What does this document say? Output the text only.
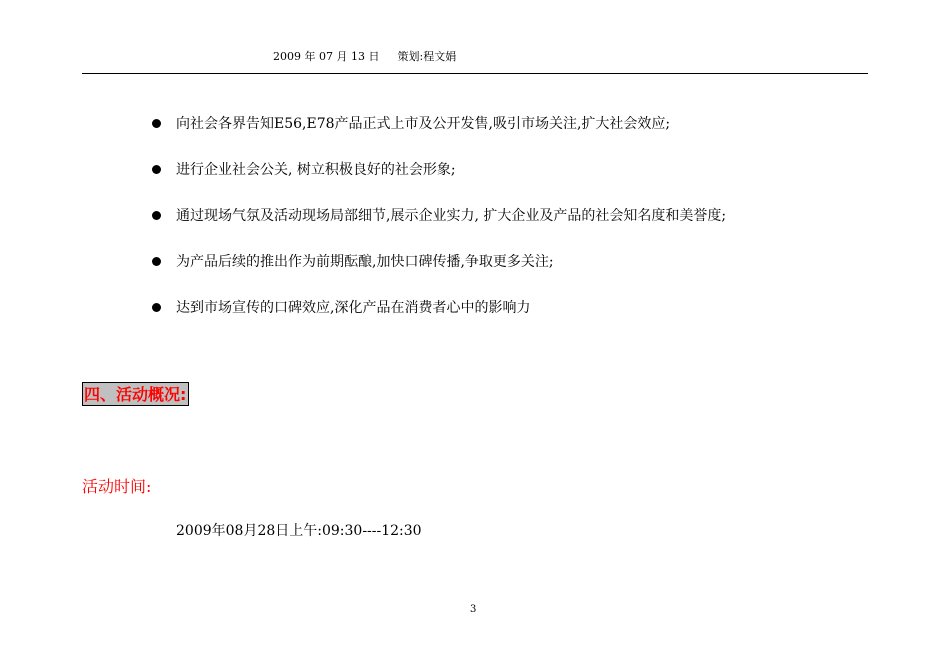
2009 年 07 月 13 日 策划:程文娟
向社会各界告知E56,E78产品正式上市及公开发售,吸引市场关注,扩大社会效应;
进行企业社会公关, 树立积极良好的社会形象;
通过现场气氛及活动现场局部细节,展示企业实力, 扩大企业及产品的社会知名度和美誉度;
为产品后续的推出作为前期酝酿,加快口碑传播,争取更多关注;
达到市场宣传的口碑效应,深化产品在消费者心中的影响力
四、活动概况:
活动时间:
2009年08月28日上午:09:30----12:30
3
